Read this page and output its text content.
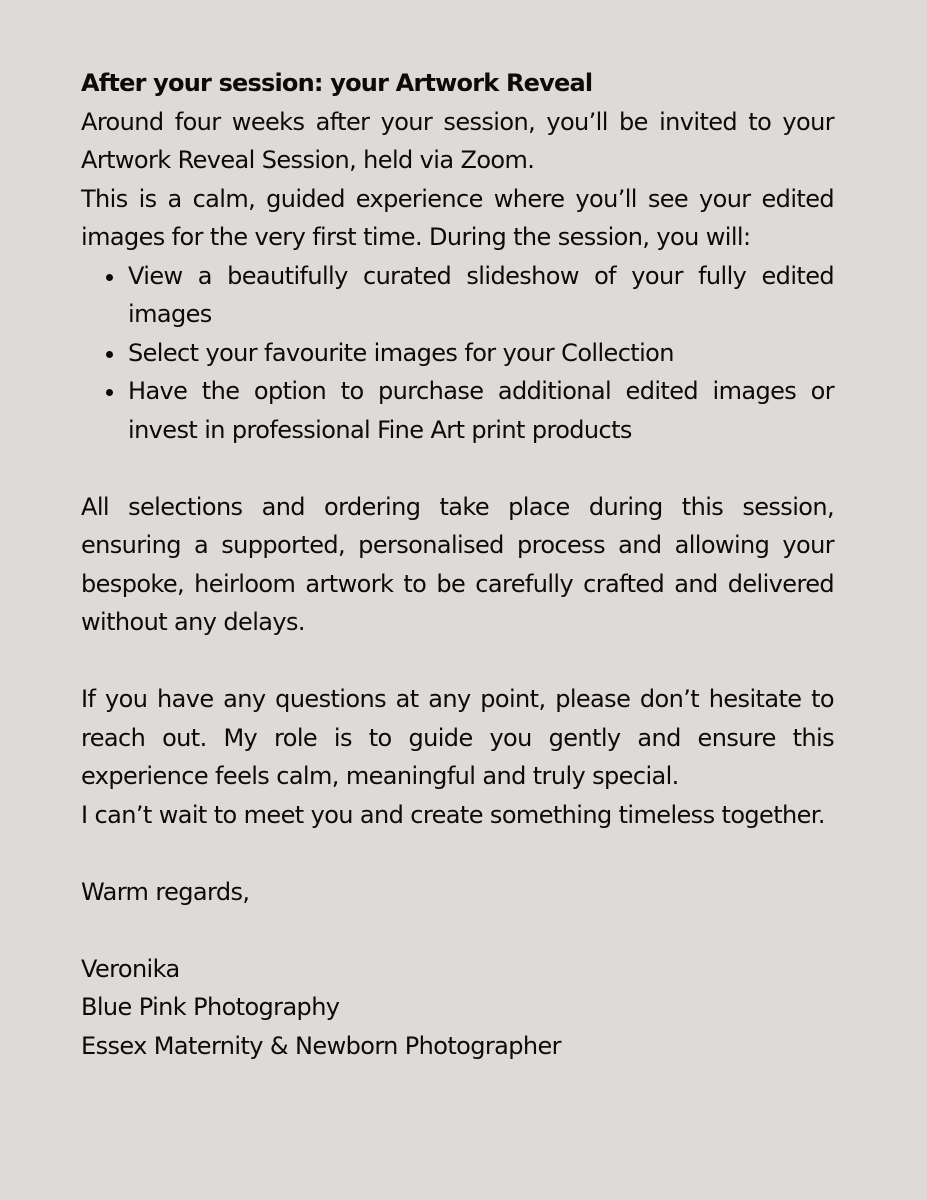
After your session: your Artwork Reveal

Around four weeks after your session, you’ll be invited to your Artwork Reveal Session, held via Zoom.

This is a calm, guided experience where you’ll see your edited images for the very first time. During the session, you will:

View a beautifully curated slideshow of your fully edited images
Select your favourite images for your Collection
Have the option to purchase additional edited images or invest in professional Fine Art print products

All selections and ordering take place during this session, ensuring a supported, personalised process and allowing your bespoke, heirloom artwork to be carefully crafted and delivered without any delays.

If you have any questions at any point, please don’t hesitate to reach out. My role is to guide you gently and ensure this experience feels calm, meaningful and truly special.

I can’t wait to meet you and create something timeless together.

Warm regards,

Veronika

Blue Pink Photography

Essex Maternity & Newborn Photographer
